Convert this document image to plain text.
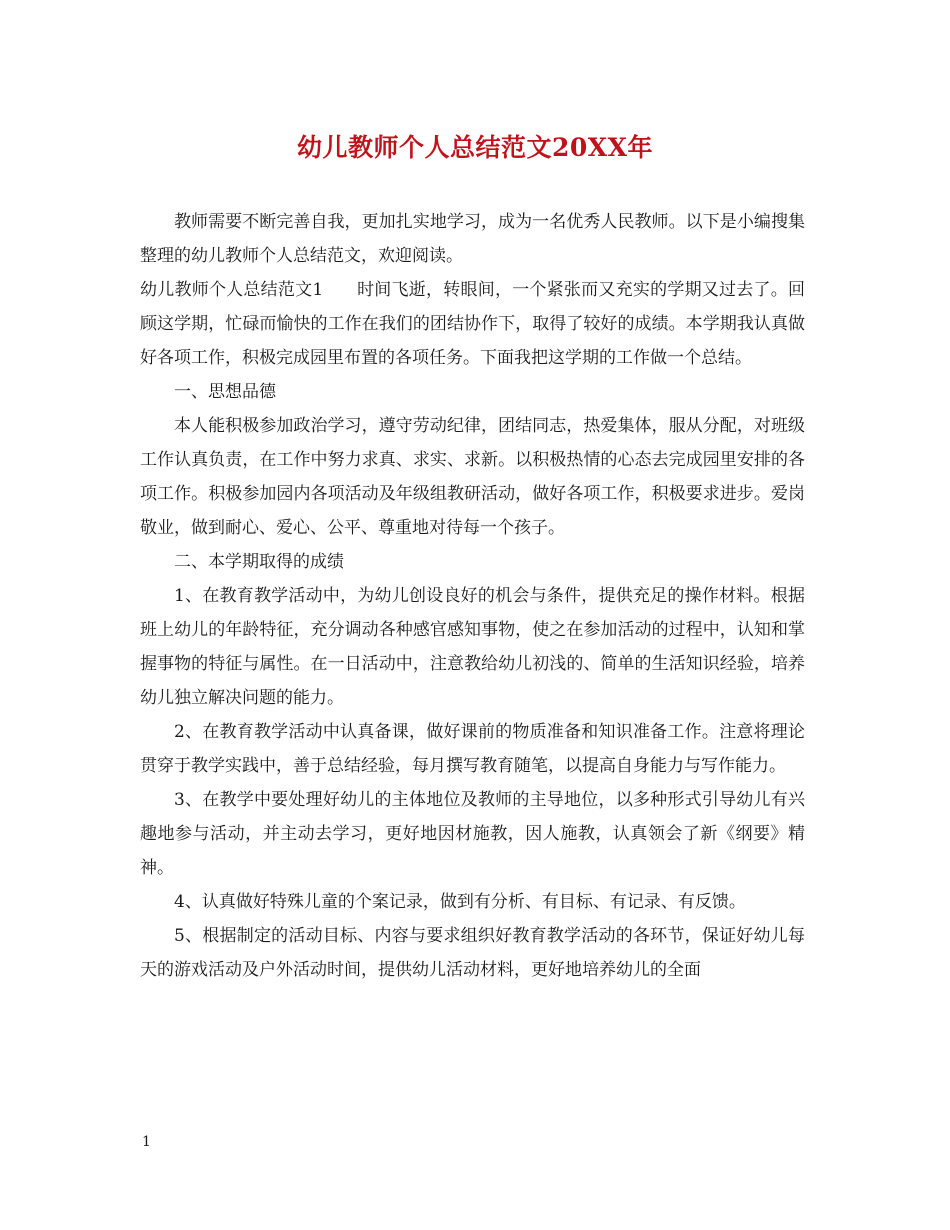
幼儿教师个人总结范文20XX年

教师需要不断完善自我，更加扎实地学习，成为一名优秀人民教师。以下是小编搜集整理的幼儿教师个人总结范文，欢迎阅读。

幼儿教师个人总结范文1 时间飞逝，转眼间，一个紧张而又充实的学期又过去了。回顾这学期，忙碌而愉快的工作在我们的团结协作下，取得了较好的成绩。本学期我认真做好各项工作，积极完成园里布置的各项任务。下面我把这学期的工作做一个总结。

一、思想品德

本人能积极参加政治学习，遵守劳动纪律，团结同志，热爱集体，服从分配，对班级工作认真负责，在工作中努力求真、求实、求新。以积极热情的心态去完成园里安排的各项工作。积极参加园内各项活动及年级组教研活动，做好各项工作，积极要求进步。爱岗敬业，做到耐心、爱心、公平、尊重地对待每一个孩子。

二、本学期取得的成绩

1、在教育教学活动中，为幼儿创设良好的机会与条件，提供充足的操作材料。根据班上幼儿的年龄特征，充分调动各种感官感知事物，使之在参加活动的过程中，认知和掌握事物的特征与属性。在一日活动中，注意教给幼儿初浅的、简单的生活知识经验，培养幼儿独立解决问题的能力。

2、在教育教学活动中认真备课，做好课前的物质准备和知识准备工作。注意将理论贯穿于教学实践中，善于总结经验，每月撰写教育随笔，以提高自身能力与写作能力。

3、在教学中要处理好幼儿的主体地位及教师的主导地位，以多种形式引导幼儿有兴趣地参与活动，并主动去学习，更好地因材施教，因人施教，认真领会了新《纲要》精神。

4、认真做好特殊儿童的个案记录，做到有分析、有目标、有记录、有反馈。

5、根据制定的活动目标、内容与要求组织好教育教学活动的各环节，保证好幼儿每天的游戏活动及户外活动时间，提供幼儿活动材料，更好地培养幼儿的全面

1
